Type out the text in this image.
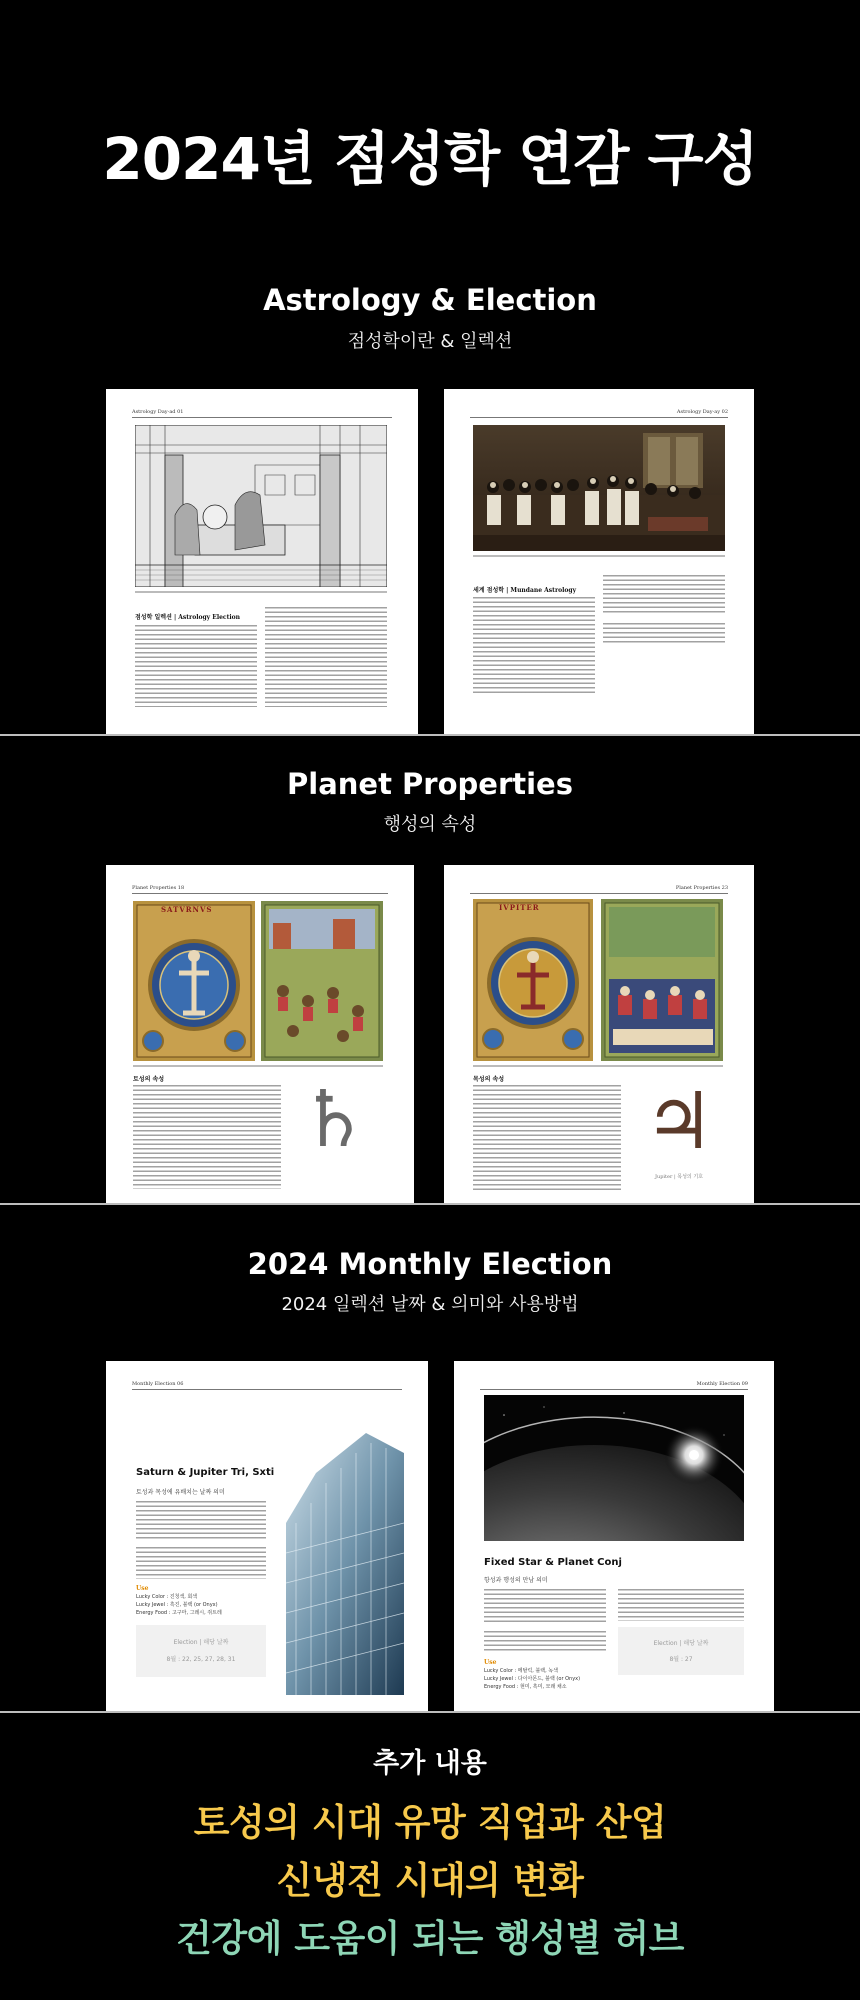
2024년 점성학 연감 구성
Astrology & Election
점성학이란 & 일렉션
Astrology Day-ad 01
점성학 일렉션 | Astrology Election
Astrology Day-ay 02
세계 점성학 | Mundane Astrology
Planet Properties
행성의 속성
Planet Properties 18
SATVRNVS
토성의 속성 ♄
Planet Properties 23
IVPITER
목성의 속성 ♃
Jupiter | 목성의 기호
2024 Monthly Election
2024 일렉션 날짜 & 의미와 사용방법
Monthly Election 06
Saturn & Jupiter Tri, Sxti
토성과 목성에 유배치는 날짜 의미
Use
Lucky Color : 진청색, 회색
Lucky Jewel : 흑진, 블랙 (or Onyx)
Energy Food : 고구마, 그레시, 쥐트레
Election | 해당 날짜
8월 : 22, 25, 27, 28, 31
Monthly Election 09
Fixed Star & Planet Conj
항성과 행성의 만남 의미
Use
Lucky Color : 메탈릭, 블랙, 녹색
Lucky Jewel : 다이아몬드, 블랙 (or Onyx)
Energy Food : 현미, 흑미, 모래 채소
Election | 해당 날짜
8월 : 27
추가 내용
토성의 시대 유망 직업과 산업
신냉전 시대의 변화
건강에 도움이 되는 행성별 허브
